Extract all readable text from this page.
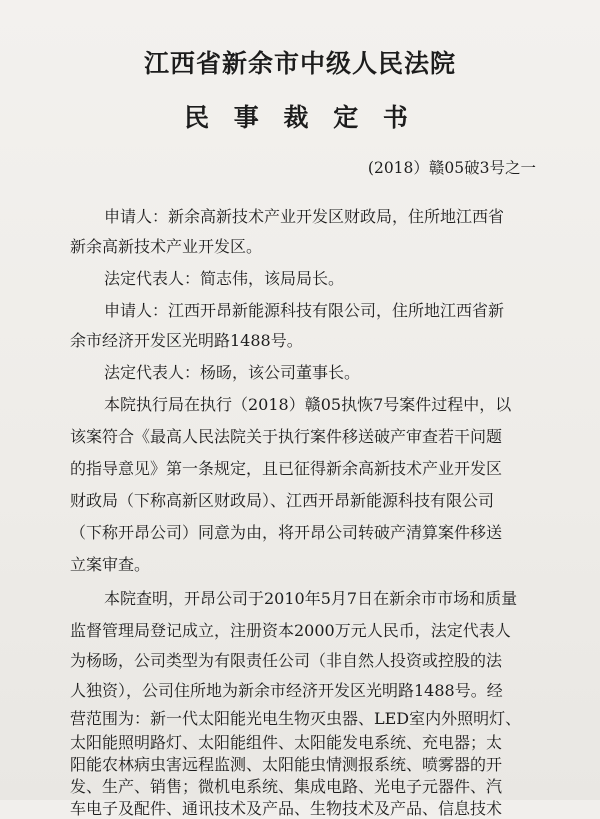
江西省新余市中级人民法院
民 事 裁 定 书
(2018）赣05破3号之一
申请人：新余高新技术产业开发区财政局，住所地江西省
新余高新技术产业开发区。
法定代表人：简志伟，该局局长。
申请人：江西开昂新能源科技有限公司，住所地江西省新
余市经济开发区光明路1488号。
法定代表人：杨旸，该公司董事长。
本院执行局在执行（2018）赣05执恢7号案件过程中，以
该案符合《最高人民法院关于执行案件移送破产审查若干问题
的指导意见》第一条规定，且已征得新余高新技术产业开发区
财政局（下称高新区财政局）、江西开昂新能源科技有限公司
（下称开昂公司）同意为由，将开昂公司转破产清算案件移送
立案审查。
本院查明，开昂公司于2010年5月7日在新余市市场和质量
监督管理局登记成立，注册资本2000万元人民币，法定代表人
为杨旸，公司类型为有限责任公司（非自然人投资或控股的法
人独资），公司住所地为新余市经济开发区光明路1488号。经
营范围为：新一代太阳能光电生物灭虫器、LED室内外照明灯、
太阳能照明路灯、太阳能组件、太阳能发电系统、充电器；太
阳能农林病虫害远程监测、太阳能虫情测报系统、喷雾器的开
发、生产、销售；微机电系统、集成电路、光电子元器件、汽
车电子及配件、通讯技术及产品、生物技术及产品、信息技术
